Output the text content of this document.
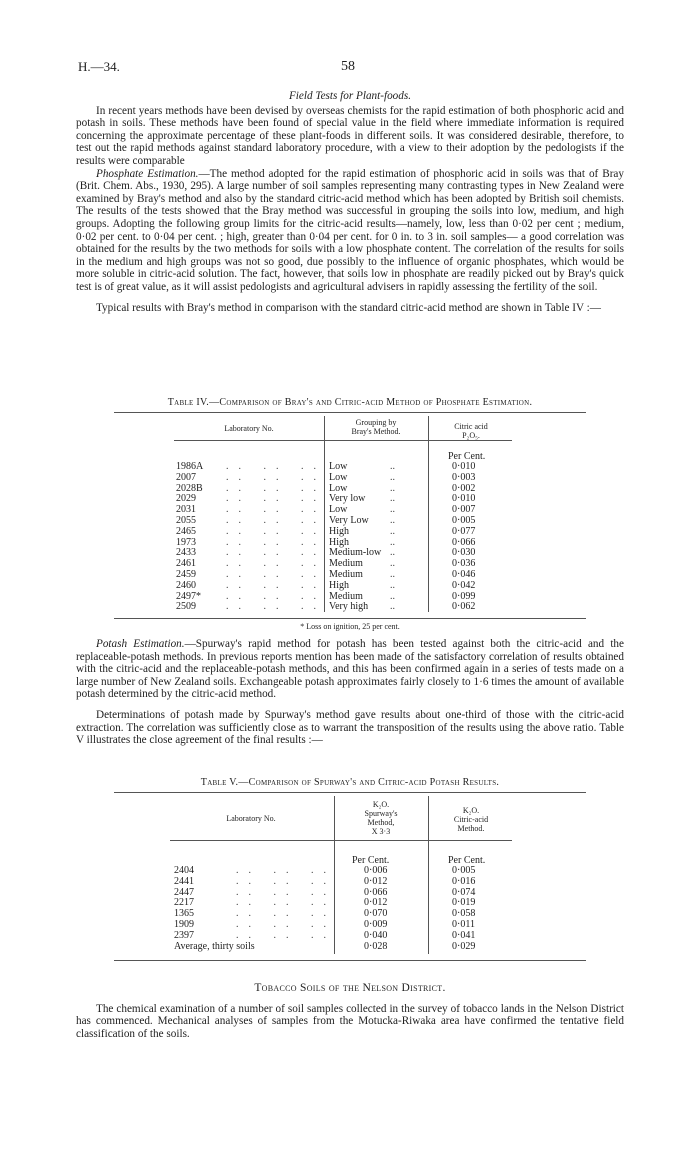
H.—34.	58
Field Tests for Plant-foods.

In recent years methods have been devised by overseas chemists for the rapid estimation of both phosphoric acid and potash in soils. These methods have been found of special value in the field where immediate information is required concerning the approximate percentage of these plant-foods in different soils. It was considered desirable, therefore, to test out the rapid methods against standard laboratory procedure, with a view to their adoption by the pedologists if the results were comparable

Phosphate Estimation.—The method adopted for the rapid estimation of phosphoric acid in soils was that of Bray (Brit. Chem. Abs., 1930, 295). A large number of soil samples representing many contrasting types in New Zealand were examined by Bray's method and also by the standard citric-acid method which has been adopted by British soil chemists. The results of the tests showed that the Bray method was successful in grouping the soils into low, medium, and high groups. Adopting the following group limits for the citric-acid results—namely, low, less than 0·02 per cent ; medium, 0·02 per cent. to 0·04 per cent. ; high, greater than 0·04 per cent. for 0 in. to 3 in. soil samples— a good correlation was obtained for the results by the two methods for soils with a low phosphate content. The correlation of the results for soils in the medium and high groups was not so good, due possibly to the influence of organic phosphates, which would be more soluble in citric-acid solution. The fact, however, that soils low in phosphate are readily picked out by Bray's quick test is of great value, as it will assist pedologists and agricultural advisers in rapidly assessing the fertility of the soil.

Typical results with Bray's method in comparison with the standard citric-acid method are shown in Table IV :—

Table IV.—Comparison of Bray's and Citric-acid Method of Phosphate Estimation.
Laboratory No.
Grouping by
Bray's Method.
Citric acid
P₂O₅.
Per Cent.
1986A
2007
2028B
2029
2031
2055
2465
1973
2433
2461
2459
2460
2497*
2509
.. .. ..
.. .. ..
.. .. ..
.. .. ..
.. .. ..
.. .. ..
.. .. ..
.. .. ..
.. .. ..
.. .. ..
.. .. ..
.. .. ..
.. .. ..
.. .. ..
Low
Low
Low
Very low
Low
Very Low
High
High
Medium-low
Medium
Medium
High
Medium
Very high
..
..
..
..
..
..
..
..
..
..
..
..
..
..
0·010
0·003
0·002
0·010
0·007
0·005
0·077
0·066
0·030
0·036
0·046
0·042
0·099
0·062
* Loss on ignition, 25 per cent.

Potash Estimation.—Spurway's rapid method for potash has been tested against both the citric-acid and the replaceable-potash methods. In previous reports mention has been made of the satisfactory correlation of results obtained with the citric-acid and the replaceable-potash methods, and this has been confirmed again in a series of tests made on a large number of New Zealand soils. Exchangeable potash approximates fairly closely to 1·6 times the amount of available potash determined by the citric-acid method.

Determinations of potash made by Spurway's method gave results about one-third of those with the citric-acid extraction. The correlation was sufficiently close as to warrant the transposition of the results using the above ratio. Table V illustrates the close agreement of the final results :—

Table V.—Comparison of Spurway's and Citric-acid Potash Results.
Laboratory No.
K₂O.
Spurway's
Method,
X 3·3
K₂O.
Citric-acid
Method.
Per Cent.	Per Cent.
2404
2441
2447
2217
1365
1909
2397
Average, thirty soils
.. .. ..
.. .. ..
.. .. ..
.. .. ..
.. .. ..
.. .. ..
.. .. ..
0·006
0·012
0·066
0·012
0·070
0·009
0·040
0·028
0·005
0·016
0·074
0·019
0·058
0·011
0·041
0·029
Tobacco Soils of the Nelson District.

The chemical examination of a number of soil samples collected in the survey of tobacco lands in the Nelson District has commenced. Mechanical analyses of samples from the Motucka-Riwaka area have confirmed the tentative field classification of the soils.
